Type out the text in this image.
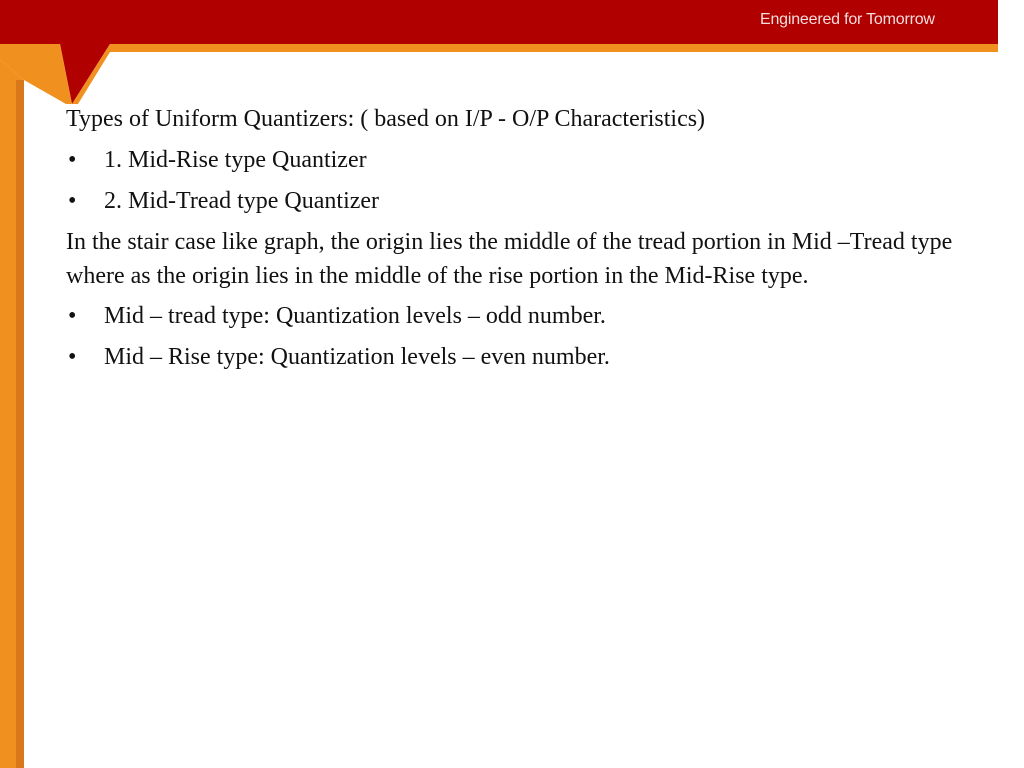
Engineered for Tomorrow

Types of Uniform Quantizers: ( based on I/P - O/P Characteristics)

• 1. Mid-Rise type Quantizer
• 2. Mid-Tread type Quantizer

In the stair case like graph, the origin lies the middle of the tread portion in Mid –Tread type where as the origin lies in the middle of the rise portion in the Mid-Rise type.

• Mid – tread type: Quantization levels – odd number.
• Mid – Rise type: Quantization levels – even number.
